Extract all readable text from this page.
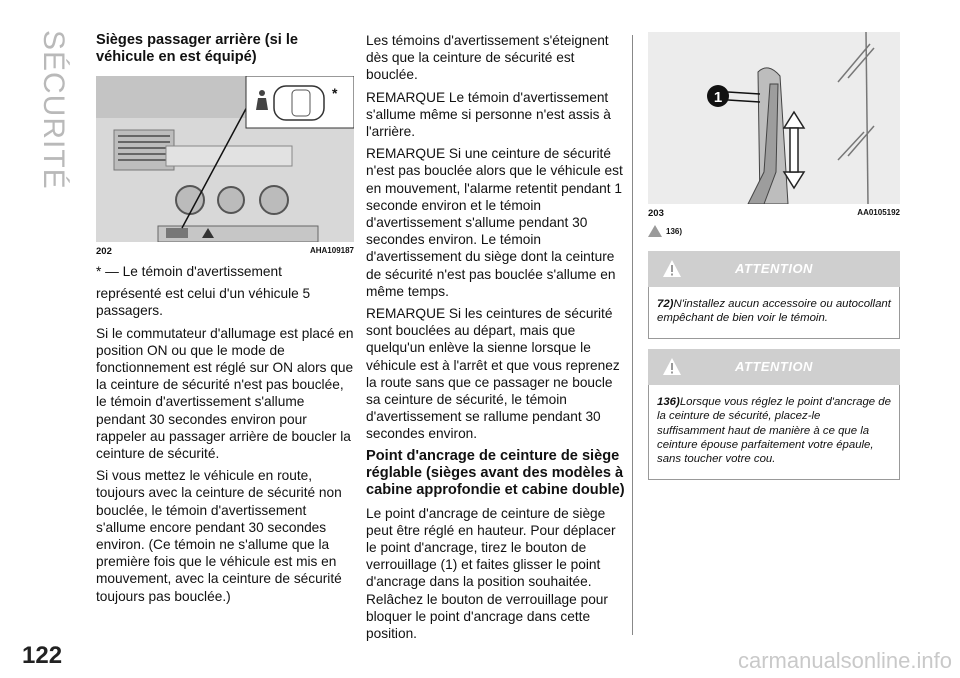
SÉCURITÉ Sièges passager arrière (si le véhicule en est équipé)
*
202	AHA109187

* — Le témoin d'avertissement

représenté est celui d'un véhicule 5 passagers.

Si le commutateur d'allumage est placé en position ON ou que le mode de fonctionnement est réglé sur ON alors que la ceinture de sécurité n'est pas bouclée, le témoin d'avertissement s'allume pendant 30 secondes environ pour rappeler au passager arrière de boucler la ceinture de sécurité.

Si vous mettez le véhicule en route, toujours avec la ceinture de sécurité non bouclée, le témoin d'avertissement s'allume encore pendant 30 secondes environ. (Ce témoin ne s'allume que la première fois que le véhicule est mis en mouvement, avec la ceinture de sécurité toujours pas bouclée.)

Les témoins d'avertissement s'éteignent dès que la ceinture de sécurité est bouclée.

REMARQUE Le témoin d'avertissement s'allume même si personne n'est assis à l'arrière.

REMARQUE Si une ceinture de sécurité n'est pas bouclée alors que le véhicule est en mouvement, l'alarme retentit pendant 1 seconde environ et le témoin d'avertissement s'allume pendant 30 secondes environ. Le témoin d'avertissement du siège dont la ceinture de sécurité n'est pas bouclée s'allume en même temps.

REMARQUE Si les ceintures de sécurité sont bouclées au départ, mais que quelqu'un enlève la sienne lorsque le véhicule est à l'arrêt et que vous reprenez la route sans que ce passager ne boucle sa ceinture de sécurité, le témoin d'avertissement se rallume pendant 30 secondes environ.

Point d'ancrage de ceinture de siège réglable (sièges avant des modèles à cabine approfondie et cabine double)

Le point d'ancrage de ceinture de siège peut être réglé en hauteur. Pour déplacer le point d'ancrage, tirez le bouton de verrouillage (1) et faites glisser le point d'ancrage dans la position souhaitée. Relâchez le bouton de verrouillage pour bloquer le point d'ancrage dans cette position.

1
203	AA0105192
136)
ATTENTION
72)N'installez aucun accessoire ou autocollant empêchant de bien voir le témoin.
ATTENTION
136)Lorsque vous réglez le point d'ancrage de la ceinture de sécurité, placez-le suffisamment haut de manière à ce que la ceinture épouse parfaitement votre épaule, sans toucher votre cou.
122	carmanualsonline.info
